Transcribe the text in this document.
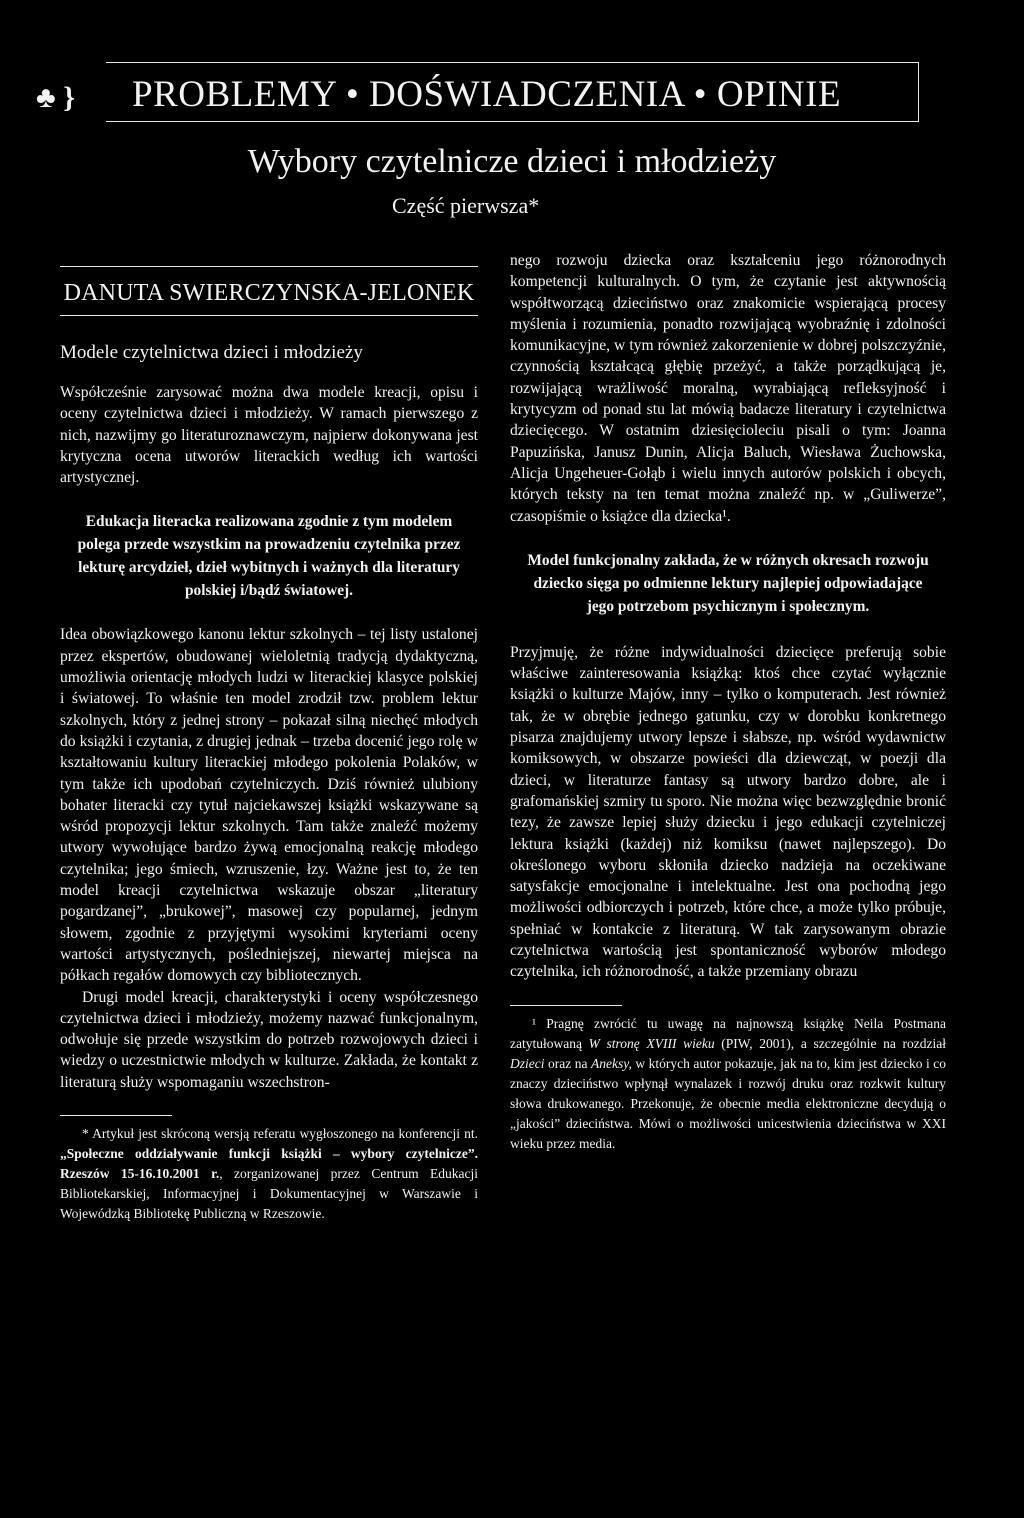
♣ }	PROBLEMY • DOŚWIADCZENIA • OPINIE
Wybory czytelnicze dzieci i młodzieży
Część pierwsza*
DANUTA SWIERCZYNSKA-JELONEK
Modele czytelnictwa dzieci i młodzieży

Współcześnie zarysować można dwa modele kreacji, opisu i oceny czytelnictwa dzieci i młodzieży. W ramach pierwszego z nich, nazwijmy go literaturoznawczym, najpierw dokonywana jest krytyczna ocena utworów literackich według ich wartości artystycznej.

Edukacja literacka realizowana zgodnie z tym modelem polega przede wszystkim na prowadzeniu czytelnika przez lekturę arcydzieł, dzieł wybitnych i ważnych dla literatury polskiej i/bądź światowej.

Idea obowiązkowego kanonu lektur szkolnych – tej listy ustalonej przez ekspertów, obudowanej wieloletnią tradycją dydaktyczną, umożliwia orientację młodych ludzi w literackiej klasyce polskiej i światowej. To właśnie ten model zrodził tzw. problem lektur szkolnych, który z jednej strony – pokazał silną niechęć młodych do książki i czytania, z drugiej jednak – trzeba docenić jego rolę w kształtowaniu kultury literackiej młodego pokolenia Polaków, w tym także ich upodobań czytelniczych. Dziś również ulubiony bohater literacki czy tytuł najciekawszej książki wskazywane są wśród propozycji lektur szkolnych. Tam także znaleźć możemy utwory wywołujące bardzo żywą emocjonalną reakcję młodego czytelnika; jego śmiech, wzruszenie, łzy. Ważne jest to, że ten model kreacji czytelnictwa wskazuje obszar „literatury pogardzanej”, „brukowej”, masowej czy popularnej, jednym słowem, zgodnie z przyjętymi wysokimi kryteriami oceny wartości artystycznych, pośledniejszej, niewartej miejsca na półkach regałów domowych czy bibliotecznych.

Drugi model kreacji, charakterystyki i oceny współczesnego czytelnictwa dzieci i młodzieży, możemy nazwać funkcjonalnym, odwołuje się przede wszystkim do potrzeb rozwojowych dzieci i wiedzy o uczestnictwie młodych w kulturze. Zakłada, że kontakt z literaturą służy wspomaganiu wszechstron-

* Artykuł jest skróconą wersją referatu wygłoszonego na konferencji nt. „Społeczne oddziaływanie funkcji książki – wybory czytelnicze”. Rzeszów 15-16.10.2001 r., zorganizowanej przez Centrum Edukacji Bibliotekarskiej, Informacyjnej i Dokumentacyjnej w Warszawie i Wojewódzką Bibliotekę Publiczną w Rzeszowie.

nego rozwoju dziecka oraz kształceniu jego różnorodnych kompetencji kulturalnych. O tym, że czytanie jest aktywnością współtworzącą dzieciństwo oraz znakomicie wspierającą procesy myślenia i rozumienia, ponadto rozwijającą wyobraźnię i zdolności komunikacyjne, w tym również zakorzenienie w dobrej polszczyźnie, czynnością kształcącą głębię przeżyć, a także porządkującą je, rozwijającą wrażliwość moralną, wyrabiającą refleksyjność i krytycyzm od ponad stu lat mówią badacze literatury i czytelnictwa dziecięcego. W ostatnim dziesięcioleciu pisali o tym: Joanna Papuzińska, Janusz Dunin, Alicja Baluch, Wiesława Żuchowska, Alicja Ungeheuer-Gołąb i wielu innych autorów polskich i obcych, których teksty na ten temat można znaleźć np. w „Guliwerze”, czasopiśmie o książce dla dziecka¹.

Model funkcjonalny zakłada, że w różnych okresach rozwoju dziecko sięga po odmienne lektury najlepiej odpowiadające jego potrzebom psychicznym i społecznym.

Przyjmuję, że różne indywidualności dziecięce preferują sobie właściwe zainteresowania książką: ktoś chce czytać wyłącznie książki o kulturze Majów, inny – tylko o komputerach. Jest również tak, że w obrębie jednego gatunku, czy w dorobku konkretnego pisarza znajdujemy utwory lepsze i słabsze, np. wśród wydawnictw komiksowych, w obszarze powieści dla dziewcząt, w poezji dla dzieci, w literaturze fantasy są utwory bardzo dobre, ale i grafomańskiej szmiry tu sporo. Nie można więc bezwzględnie bronić tezy, że zawsze lepiej służy dziecku i jego edukacji czytelniczej lektura książki (każdej) niż komiksu (nawet najlepszego). Do określonego wyboru skłoniła dziecko nadzieja na oczekiwane satysfakcje emocjonalne i intelektualne. Jest ona pochodną jego możliwości odbiorczych i potrzeb, które chce, a może tylko próbuje, spełniać w kontakcie z literaturą. W tak zarysowanym obrazie czytelnictwa wartością jest spontaniczność wyborów młodego czytelnika, ich różnorodność, a także przemiany obrazu

¹ Pragnę zwrócić tu uwagę na najnowszą książkę Neila Postmana zatytułowaną W stronę XVIII wieku (PIW, 2001), a szczególnie na rozdział Dzieci oraz na Aneksy, w których autor pokazuje, jak na to, kim jest dziecko i co znaczy dzieciństwo wpłynął wynalazek i rozwój druku oraz rozkwit kultury słowa drukowanego. Przekonuje, że obecnie media elektroniczne decydują o „jakości” dzieciństwa. Mówi o możliwości unicestwienia dzieciństwa w XXI wieku przez media.
